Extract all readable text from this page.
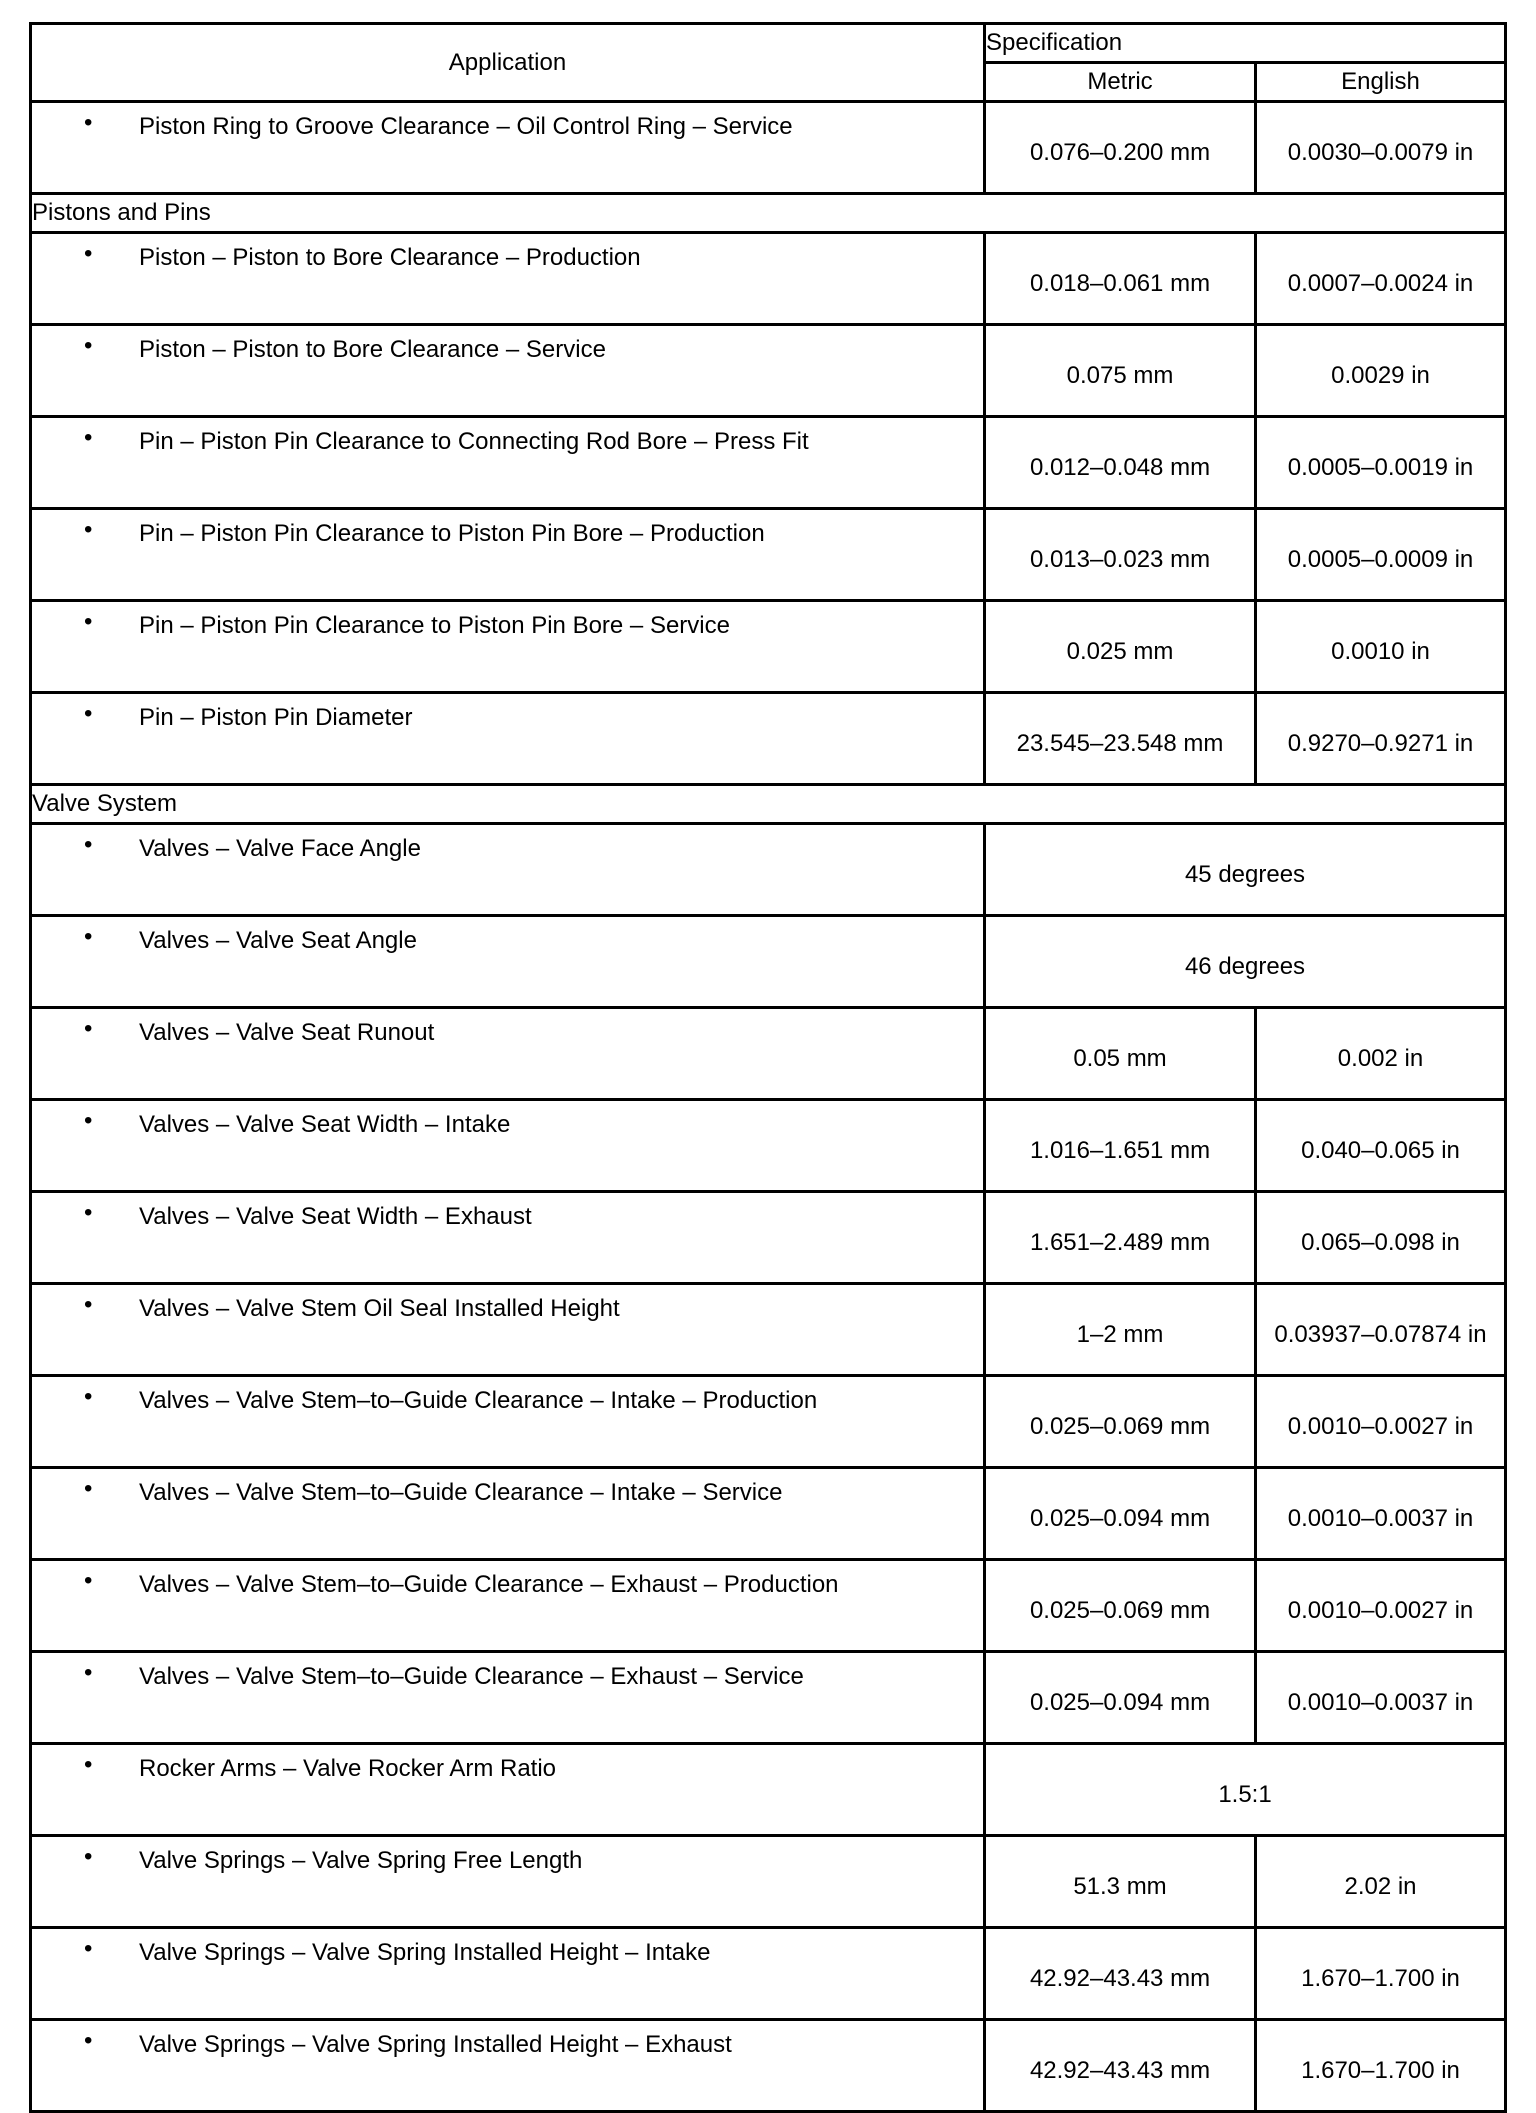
Application	Specification	
	Metric	English

• Piston Ring to Groove Clearance – Oil Control Ring – Service	0.076–0.200 mm	0.0030–0.0079 in
Pistons and Pins		

• Piston – Piston to Bore Clearance – Production	0.018–0.061 mm	0.0007–0.0024 in

• Piston – Piston to Bore Clearance – Service	0.075 mm	0.0029 in

• Pin – Piston Pin Clearance to Connecting Rod Bore – Press Fit	0.012–0.048 mm	0.0005–0.0019 in

• Pin – Piston Pin Clearance to Piston Pin Bore – Production	0.013–0.023 mm	0.0005–0.0009 in

• Pin – Piston Pin Clearance to Piston Pin Bore – Service	0.025 mm	0.0010 in

• Pin – Piston Pin Diameter	23.545–23.548 mm	0.9270–0.9271 in
Valve System		

• Valves – Valve Face Angle	45 degrees	

• Valves – Valve Seat Angle	46 degrees	

• Valves – Valve Seat Runout	0.05 mm	0.002 in

• Valves – Valve Seat Width – Intake	1.016–1.651 mm	0.040–0.065 in

• Valves – Valve Seat Width – Exhaust	1.651–2.489 mm	0.065–0.098 in

• Valves – Valve Stem Oil Seal Installed Height	1–2 mm	0.03937–0.07874 in

• Valves – Valve Stem–to–Guide Clearance – Intake – Production	0.025–0.069 mm	0.0010–0.0027 in

• Valves – Valve Stem–to–Guide Clearance – Intake – Service	0.025–0.094 mm	0.0010–0.0037 in

• Valves – Valve Stem–to–Guide Clearance – Exhaust – Production	0.025–0.069 mm	0.0010–0.0027 in

• Valves – Valve Stem–to–Guide Clearance – Exhaust – Service	0.025–0.094 mm	0.0010–0.0037 in

• Rocker Arms – Valve Rocker Arm Ratio	1.5:1	

• Valve Springs – Valve Spring Free Length	51.3 mm	2.02 in

• Valve Springs – Valve Spring Installed Height – Intake	42.92–43.43 mm	1.670–1.700 in

• Valve Springs – Valve Spring Installed Height – Exhaust	42.92–43.43 mm	1.670–1.700 in
